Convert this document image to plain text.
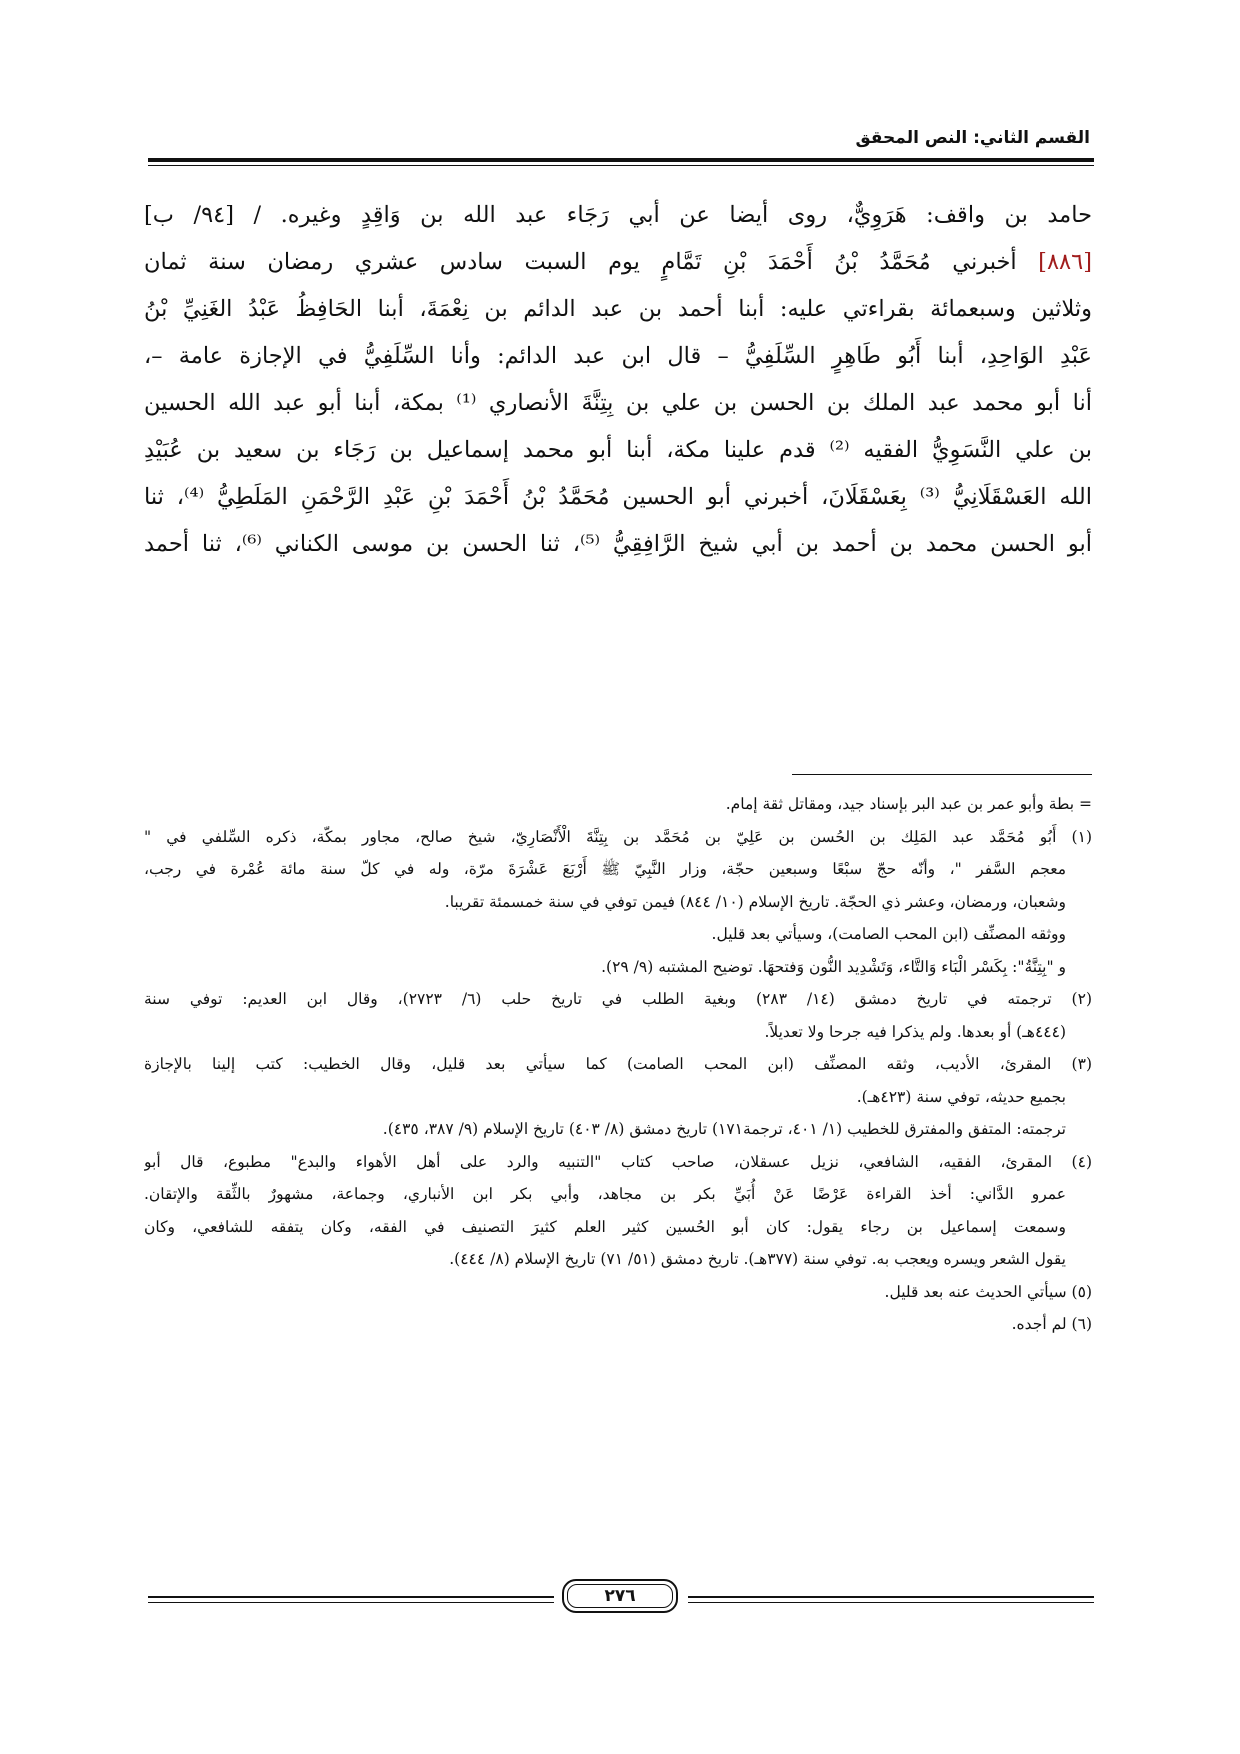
القسم الثاني: النص المحقق

حامد بن واقف: هَرَوِيٌّ، روى أيضا عن أبي رَجَاء عبد الله بن وَاقِدٍ وغيره. / [٩٤/ ب]

[٨٨٦] أخبرني مُحَمَّدُ بْنُ أَحْمَدَ بْنِ تَمَّامٍ يوم السبت سادس عشري رمضان سنة ثمان

وثلاثين وسبعمائة بقراءتي عليه: أبنا أحمد بن عبد الدائم بن نِعْمَةَ، أبنا الحَافِظُ عَبْدُ الغَنِيِّ بْنُ

عَبْدِ الوَاحِدِ، أبنا أَبُو طَاهِرٍ السِّلَفِيُّ – قال ابن عبد الدائم: وأنا السِّلَفِيُّ في الإجازة عامة –،

أنا أبو محمد عبد الملك بن الحسن بن علي بن بِتِنَّةَ الأنصاري ⁽¹⁾ بمكة، أبنا أبو عبد الله الحسين

بن علي النَّسَوِيُّ الفقيه ⁽²⁾ قدم علينا مكة، أبنا أبو محمد إسماعيل بن رَجَاء بن سعيد بن عُبَيْدِ

الله العَسْقَلَانِيُّ ⁽³⁾ بِعَسْقَلَانَ، أخبرني أبو الحسين مُحَمَّدُ بْنُ أَحْمَدَ بْنِ عَبْدِ الرَّحْمَنِ المَلَطِيُّ ⁽⁴⁾، ثنا

أبو الحسن محمد بن أحمد بن أبي شيخ الرَّافِقِيُّ ⁽⁵⁾، ثنا الحسن بن موسى الكناني ⁽⁶⁾، ثنا أحمد

= بطة وأبو عمر بن عبد البر بإسناد جيد، ومقاتل ثقة إمام.

(١) أَبُو مُحَمَّد عبد المَلِك بن الحُسن بن عَلِيّ بن مُحَمَّد بن بِتِنَّةَ الْأَنْصَارِيّ، شيخ صالح، مجاور بمكّة، ذكره السِّلفي في "

معجم السَّفر "، وأنّه حجّ سبْعًا وسبعين حجّة، وزار النَّبِيّ ﷺ أَرْبَعَ عَشْرَةَ مرّة، وله في كلّ سنة مائة عُمْرة في رجب،

وشعبان، ورمضان، وعشر ذي الحجّة. تاريخ الإسلام (١٠/ ٨٤٤) فيمن توفي في سنة خمسمئة تقريبا.

ووثقه المصنِّف (ابن المحب الصامت)، وسيأتي بعد قليل.

و "بِتِنَّةُ": بِكَسْر الْبَاء وَالتَّاء، وَتَشْدِيد النُّون وَفتحهَا. توضيح المشتبه (٩/ ٢٩).

(٢) ترجمته في تاريخ دمشق (١٤/ ٢٨٣) وبغية الطلب في تاريخ حلب (٦/ ٢٧٢٣)، وقال ابن العديم: توفي سنة

(٤٤٤هـ) أو بعدها. ولم يذكرا فيه جرحا ولا تعديلاً.

(٣) المقرئ، الأديب، وثقه المصنِّف (ابن المحب الصامت) كما سيأتي بعد قليل، وقال الخطيب: كتب إلينا بالإجازة

بجميع حديثه، توفي سنة (٤٢٣هـ).

ترجمته: المتفق والمفترق للخطيب (١/ ٤٠١، ترجمة١٧١) تاريخ دمشق (٨/ ٤٠٣) تاريخ الإسلام (٩/ ٣٨٧، ٤٣٥).

(٤) المقرئ، الفقيه، الشافعي، نزيل عسقلان، صاحب كتاب "التنبيه والرد على أهل الأهواء والبدع" مطبوع، قال أبو

عمرو الدَّاني: أخذ القراءة عَرْضًا عَنْ أُبَيِّ بكر بن مجاهد، وأبي بكر ابن الأنباري، وجماعة، مشهورٌ بالثِّقة والإتقان.

وسمعت إسماعيل بن رجاء يقول: كان أبو الحُسين كثير العلم كثيرَ التصنيف في الفقه، وكان يتفقه للشافعي، وكان

يقول الشعر ويسره ويعجب به. توفي سنة (٣٧٧هـ). تاريخ دمشق (٥١/ ٧١) تاريخ الإسلام (٨/ ٤٤٤).

(٥) سيأتي الحديث عنه بعد قليل.

(٦) لم أجده.

٢٧٦
